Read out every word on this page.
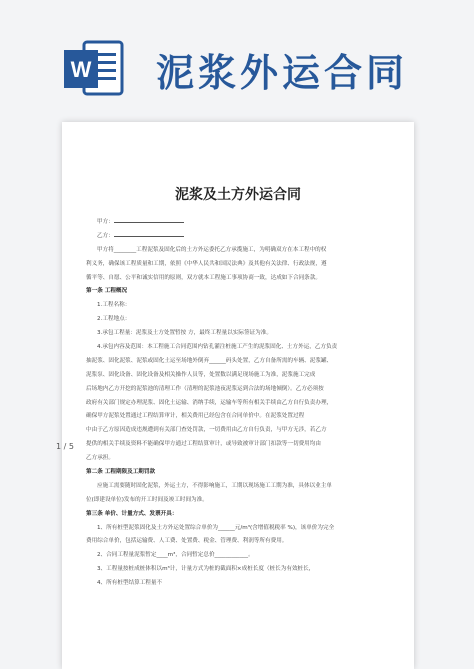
W 泥浆外运合同
泥浆及土方外运合同
甲方：
乙方：
甲方将________工程泥浆及固化后的土方外运委托乙方承揽施工，为明确双方在本工程中的权
利义务，确保该工程质量和工期，依照《中华人民共和国民法典》及其他有关法律、行政法规，遵
循平等、自愿、公平和诚实信用的原则，双方就本工程施工事项协商一致，达成如下合同条款。
第一条 工程概况
1.工程名称：
2.工程地点：
3.承包工程量：泥浆及土方处置暂按 方，最终工程量以实际签证为准。
4.承包内容及范围：本工程施工合同范围内钻孔灌注桩施工产生的泥浆固化、土方外运，乙方负责
抽泥浆、固化泥浆、泥浆或固化土运至场地外倒弃______码头处置，乙方自备所需的车辆、泥浆罐、
泥浆泵、固化设备、固化设备及相关操作人员等，处置数以满足现场施工为准，泥浆施工完成
后场地内乙方开挖的泥浆池的清理工作（清理的泥浆池夜泥浆运到合法的场地倾倒）。乙方必须按
政府有关部门规定办理泥浆、固化土运输、消纳手续，运输车等所有相关手续由乙方自行负责办理，
确保甲方泥浆处置通过工程结算审计，相关费用已经包含在合同单价中。在泥浆处置过程
中由于乙方原因造成违规遭到有关部门查处罚款，一切费用由乙方自行负责，与甲方无涉，若乙方
提供的相关手续及资料不能确保甲方通过工程结算审计，或导致被审计部门扣款等一切费用均由
乙方承担。
第二条 工程期限及工期罚款
应施工需要随时固化泥浆，外运土方，不得影响施工，工期以现场施工工期为准，具体以业主单
位(即建设单位)发布的开工时间及竣工时间为准。
第三条 单价、计量方式、发票开具：
1、所有桩型泥浆固化及土方外运处置综合单价为______元/m³(含增值税税率 %)，该单价为完全
费用综合单价，包括运输费、人工费、处置费、税金、管理费、利润等所有费用。
2、合同工程量泥浆暂定____m³，合同暂定总价____________。
3、工程量按桩成桩体积以m³计，计量方式为桩的截面积×成桩长度（桩长为有效桩长，
4、所有桩型结算工程量不
1 / 5
